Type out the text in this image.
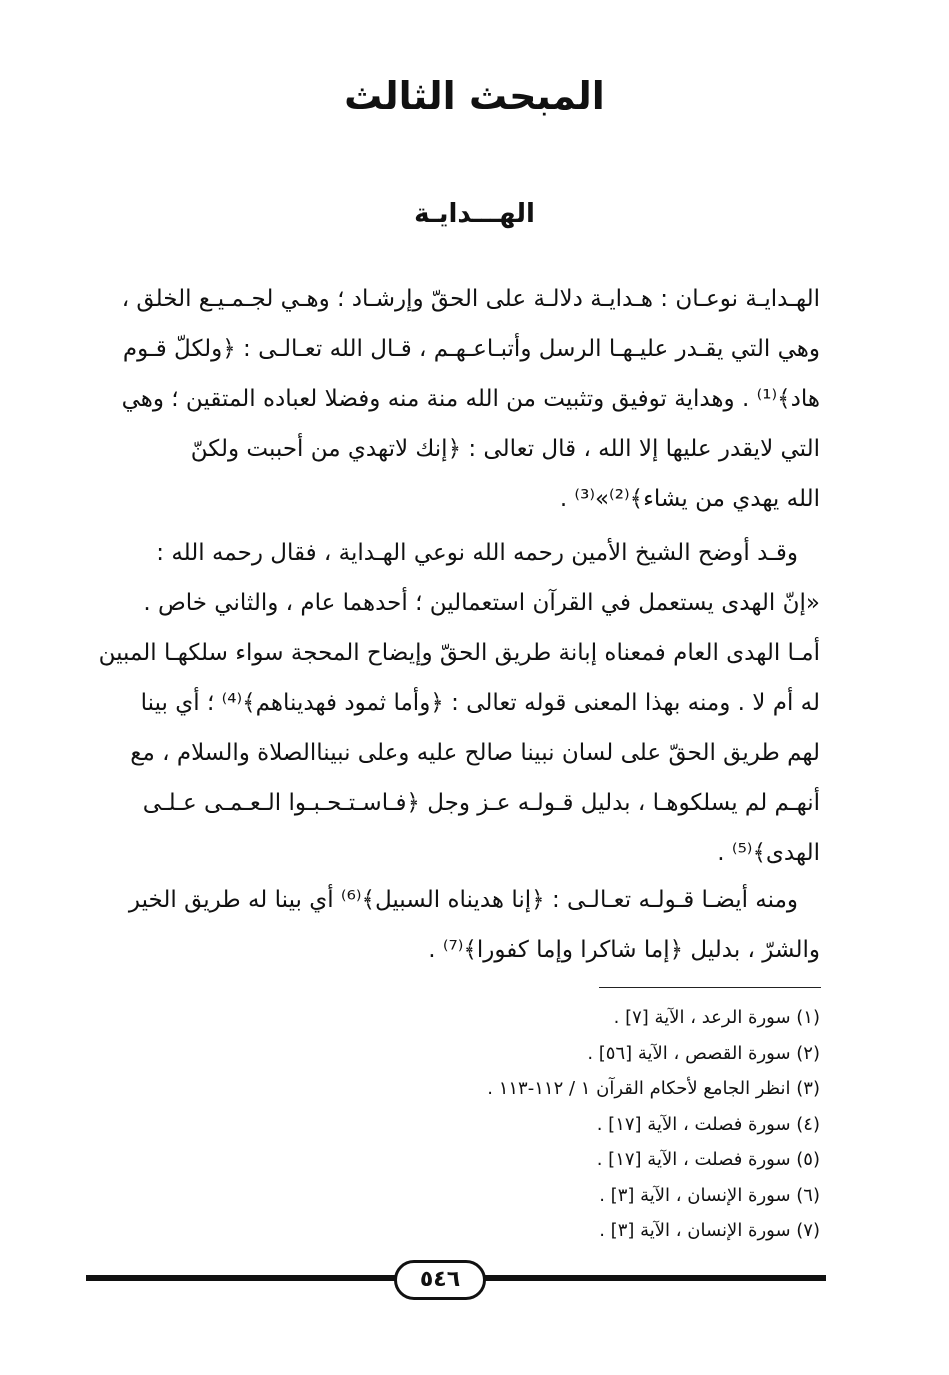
المبحث الثالث
الهـــدايـة
الهـدايـة نوعـان : هـدايـة دلالـة على الحقّ وإرشـاد ؛ وهـي لجـمـيـع الخلق ،
وهي التي يقـدر عليـهـا الرسل وأتبـاعـهـم ، قـال الله تعـالـى : ﴿ولكلّ قـوم
هاد﴾⁽¹⁾ . وهداية توفيق وتثبيت من الله منة منه وفضلا لعباده المتقين ؛ وهي
التي لايقدر عليها إلا الله ، قال تعالى : ﴿إنك لاتهدي من أحببت ولكنّ
الله يهدي من يشاء﴾⁽²⁾»⁽³⁾ .
وقـد أوضح الشيخ الأمين رحمه الله نوعي الهـداية ، فقال رحمه الله :
«إنّ الهدى يستعمل في القرآن استعمالين ؛ أحدهما عام ، والثاني خاص .
أمـا الهدى العام فمعناه إبانة طريق الحقّ وإيضاح المحجة سواء سلكهـا المبين
له أم لا . ومنه بهذا المعنى قوله تعالى : ﴿وأما ثمود فهديناهم﴾⁽⁴⁾ ؛ أي بينا
لهم طريق الحقّ على لسان نبينا صالح عليه وعلى نبيناالصلاة والسلام ، مع
أنهـم لم يسلكوهـا ، بدليل قـولـه عـز وجل ﴿فـاسـتـحـبـوا الـعـمـى عـلـى
الهدى﴾⁽⁵⁾ .
ومنه أيضـا قـولـه تعـالـى : ﴿إنا هديناه السبيل﴾⁽⁶⁾ أي بينا له طريق الخير
والشرّ ، بدليل ﴿إما شاكرا وإما كفورا﴾⁽⁷⁾ .
(١) سورة الرعد ، الآية [٧] .
(٢) سورة القصص ، الآية [٥٦] .
(٣) انظر الجامع لأحكام القرآن ١ / ١١٢-١١٣ .
(٤) سورة فصلت ، الآية [١٧] .
(٥) سورة فصلت ، الآية [١٧] .
(٦) سورة الإنسان ، الآية [٣] .
(٧) سورة الإنسان ، الآية [٣] .
٥٤٦
